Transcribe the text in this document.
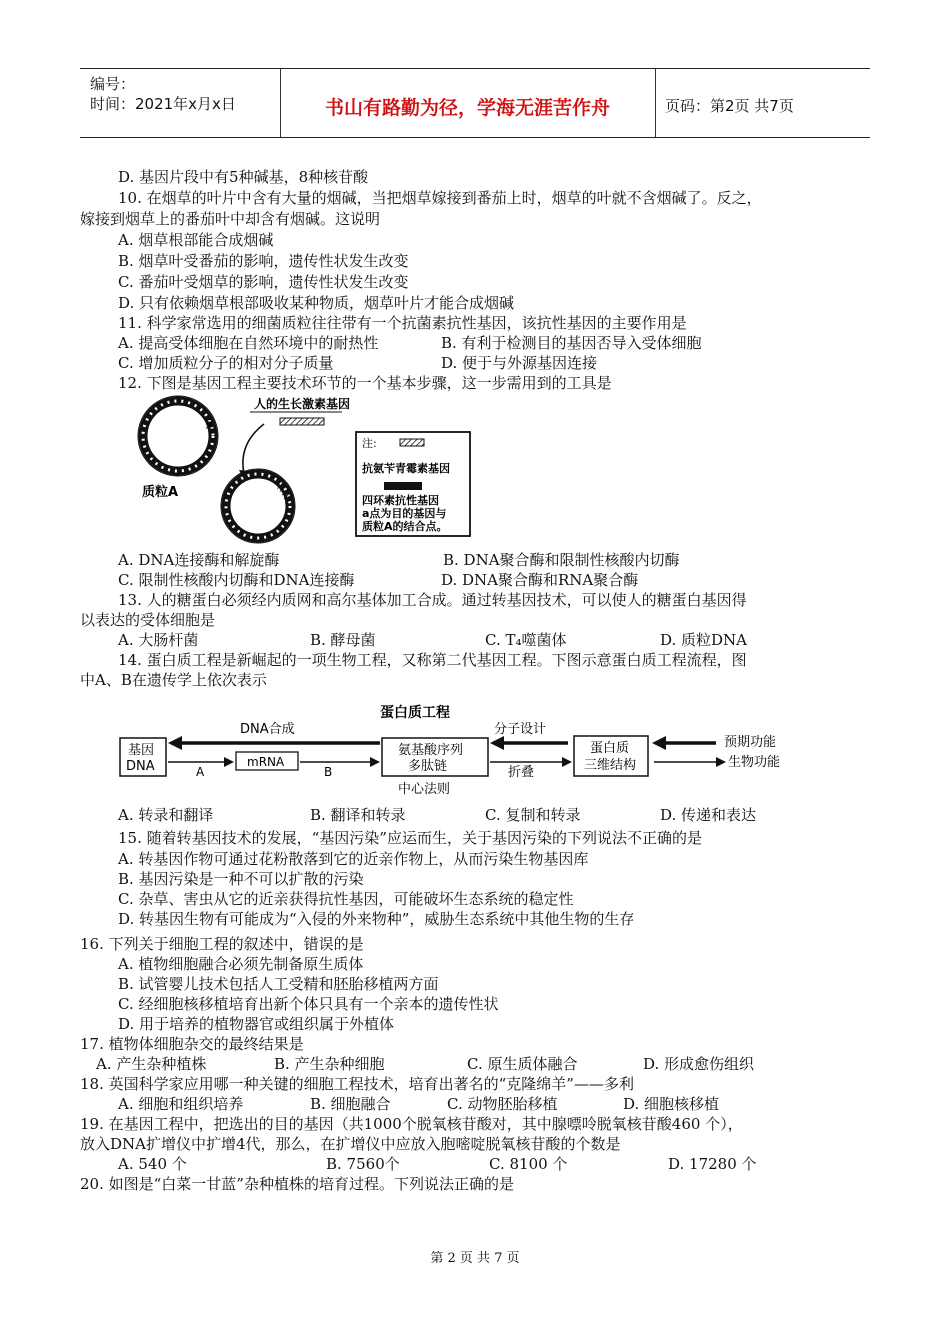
编号：
时间：2021年x月x日	书山有路勤为径，学海无涯苦作舟	页码：第2页 共7页
D. 基因片段中有5种碱基，8种核苷酸
10. 在烟草的叶片中含有大量的烟碱，当把烟草嫁接到番茄上时，烟草的叶就不含烟碱了。反之，
嫁接到烟草上的番茄叶中却含有烟碱。这说明
A. 烟草根部能合成烟碱
B. 烟草叶受番茄的影响，遗传性状发生改变
C. 番茄叶受烟草的影响，遗传性状发生改变
D. 只有依赖烟草根部吸收某种物质，烟草叶片才能合成烟碱
11. 科学家常选用的细菌质粒往往带有一个抗菌素抗性基因，该抗性基因的主要作用是
A. 提高受体细胞在自然环境中的耐热性	B. 有利于检测目的基因否导入受体细胞
C. 增加质粒分子的相对分子质量	D. 便于与外源基因连接
12. 下图是基因工程主要技术环节的一个基本步骤，这一步需用到的工具是
A. DNA连接酶和解旋酶	B. DNA聚合酶和限制性核酸内切酶
C. 限制性核酸内切酶和DNA连接酶	D. DNA聚合酶和RNA聚合酶
13. 人的糖蛋白必须经内质网和高尔基体加工合成。通过转基因技术，可以使人的糖蛋白基因得
以表达的受体细胞是
A. 大肠杆菌	B. 酵母菌	C. T₄噬菌体	D. 质粒DNA
14. 蛋白质工程是新崛起的一项生物工程，又称第二代基因工程。下图示意蛋白质工程流程，图
中A、B在遗传学上依次表示
A. 转录和翻译	B. 翻译和转录	C. 复制和转录	D. 传递和表达
15. 随着转基因技术的发展，“基因污染”应运而生，关于基因污染的下列说法不正确的是
A. 转基因作物可通过花粉散落到它的近亲作物上，从而污染生物基因库
B. 基因污染是一种不可以扩散的污染
C. 杂草、害虫从它的近亲获得抗性基因，可能破坏生态系统的稳定性
D. 转基因生物有可能成为“入侵的外来物种”，威胁生态系统中其他生物的生存
16. 下列关于细胞工程的叙述中，错误的是
A. 植物细胞融合必须先制备原生质体
B. 试管婴儿技术包括人工受精和胚胎移植两方面
C. 经细胞核移植培育出新个体只具有一个亲本的遗传性状
D. 用于培养的植物器官或组织属于外植体
17. 植物体细胞杂交的最终结果是
A. 产生杂种植株	B. 产生杂种细胞	C. 原生质体融合	D. 形成愈伤组织
18. 英国科学家应用哪一种关键的细胞工程技术，培育出著名的“克隆绵羊”——多利
A. 细胞和组织培养	B. 细胞融合	C. 动物胚胎移植	D. 细胞核移植
19. 在基因工程中，把选出的目的基因（共1000个脱氧核苷酸对，其中腺嘌呤脱氧核苷酸460 个），
放入DNA扩增仪中扩增4代，那么，在扩增仪中应放入胞嘧啶脱氧核苷酸的个数是
A. 540 个	B. 7560个	C. 8100 个	D. 17280 个
20. 如图是“白菜一甘蓝”杂种植株的培育过程。下列说法正确的是
a
质粒A
人的生长激素基因
注:
抗氨苄青霉素基因
四环素抗性基因
a点为目的基因与
质粒A的结合点。
蛋白质工程
基因
DNA
DNA合成
A
mRNA
B
氨基酸序列
多肽链
中心法则
分子设计
折叠
蛋白质
三维结构
预期功能
生物功能
第 2 页 共 7 页
